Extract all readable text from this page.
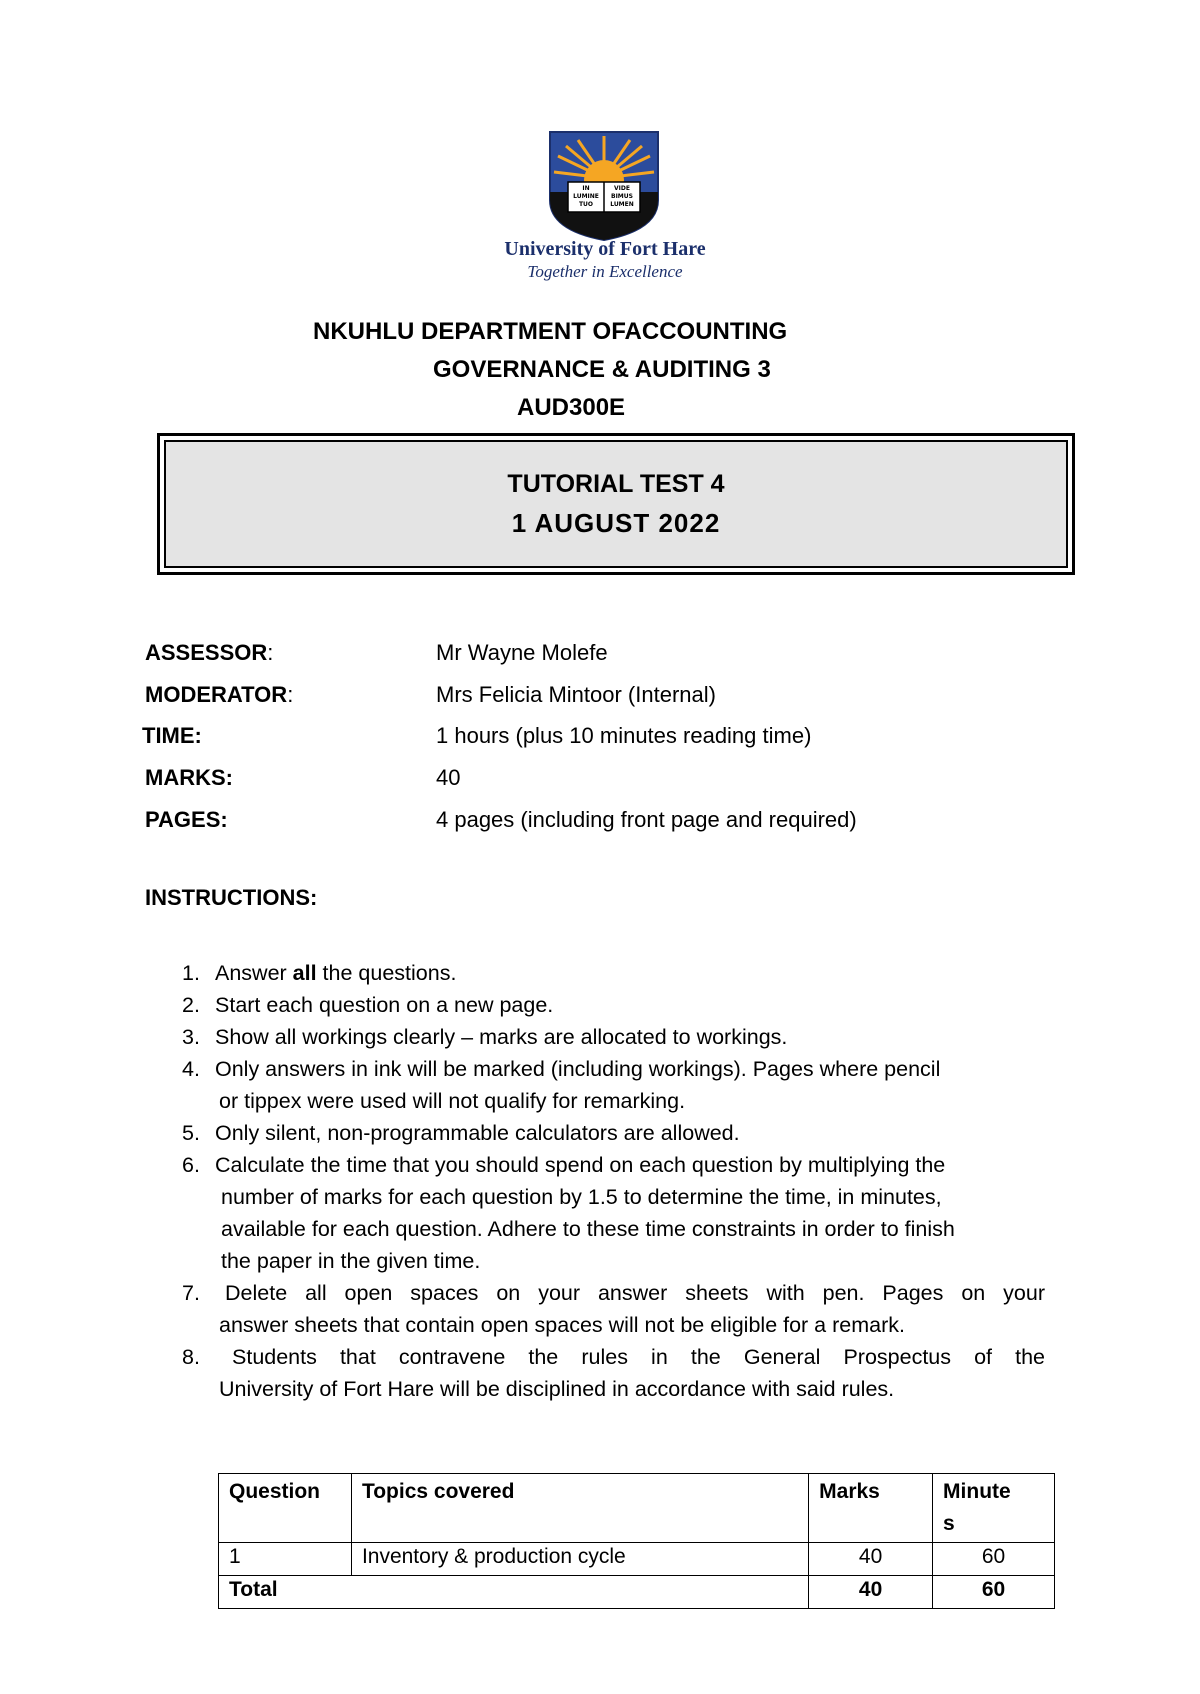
IN
LUMINE
TUO
VIDE
BIMUS
LUMEN
University of Fort Hare
Together in Excellence
NKUHLU DEPARTMENT OFACCOUNTING
GOVERNANCE & AUDITING 3
AUD300E
TUTORIAL TEST 4
1 AUGUST 2022
ASSESSOR:	Mr Wayne Molefe
MODERATOR:	Mrs Felicia Mintoor (Internal)
TIME:	1 hours (plus 10 minutes reading time)
MARKS:	40
PAGES:	4 pages (including front page and required)
INSTRUCTIONS:
1. Answer all the questions.
2. Start each question on a new page.
3. Show all workings clearly – marks are allocated to workings.
4. Only answers in ink will be marked (including workings). Pages where pencil
or tippex were used will not qualify for remarking.
5. Only silent, non-programmable calculators are allowed.
6. Calculate the time that you should spend on each question by multiplying the
number of marks for each question by 1.5 to determine the time, in minutes,
available for each question. Adhere to these time constraints in order to finish
the paper in the given time.
7. Delete all open spaces on your answer sheets with pen. Pages on your
answer sheets that contain open spaces will not be eligible for a remark.
8. Students that contravene the rules in the General Prospectus of the
University of Fort Hare will be disciplined in accordance with said rules.
Question	Topics covered	Marks	Minute
s
1	Inventory & production cycle	40	60
Total		40	60
